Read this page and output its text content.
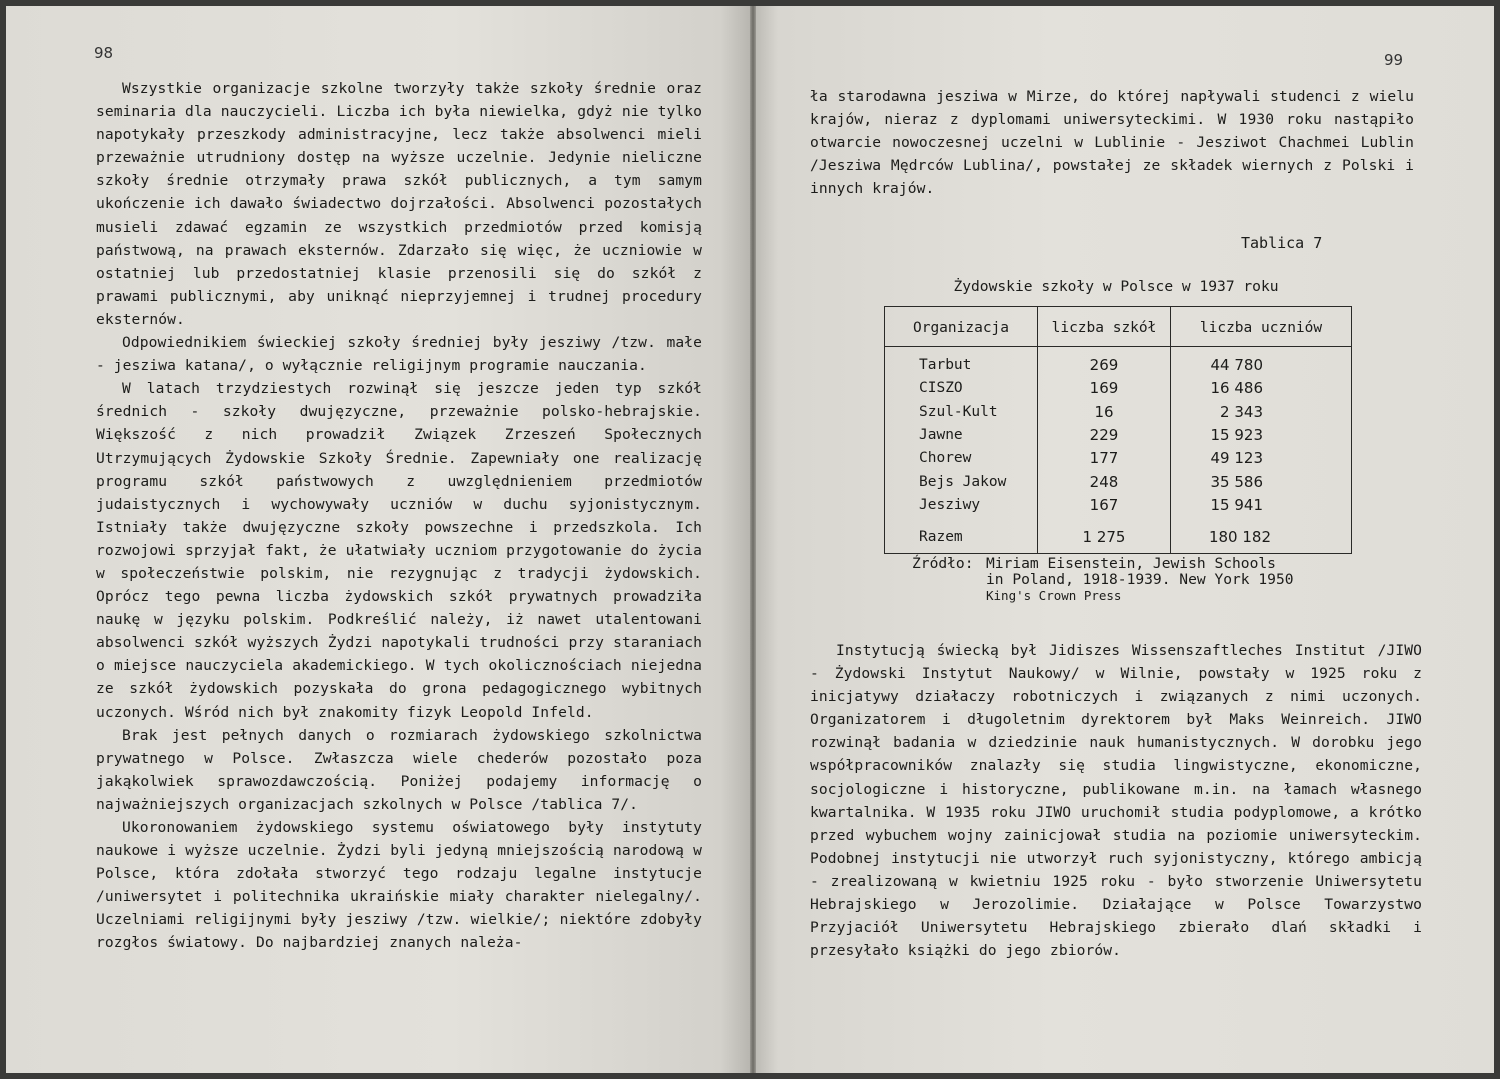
98

Wszystkie organizacje szkolne tworzyły także szkoły średnie oraz seminaria dla nauczycieli. Liczba ich była niewielka, gdyż nie tylko napotykały przeszkody administracyjne, lecz także absolwenci mieli przeważnie utrudniony dostęp na wyższe uczelnie. Jedynie nieliczne szkoły średnie otrzymały prawa szkół publicznych, a tym samym ukończenie ich dawało świadectwo dojrzałości. Absolwenci pozostałych musieli zdawać egzamin ze wszystkich przedmiotów przed komisją państwową, na prawach eksternów. Zdarzało się więc, że uczniowie w ostatniej lub przedostatniej klasie przenosili się do szkół z prawami publicznymi, aby uniknąć nieprzyjemnej i trudnej procedury eksternów.

Odpowiednikiem świeckiej szkoły średniej były jesziwy /tzw. małe - jesziwa katana/, o wyłącznie religijnym programie nauczania.

W latach trzydziestych rozwinął się jeszcze jeden typ szkół średnich - szkoły dwujęzyczne, przeważnie polsko-hebrajskie. Większość z nich prowadził Związek Zrzeszeń Społecznych Utrzymujących Żydowskie Szkoły Średnie. Zapewniały one realizację programu szkół państwowych z uwzględnieniem przedmiotów judaistycznych i wychowywały uczniów w duchu syjonistycznym. Istniały także dwujęzyczne szkoły powszechne i przedszkola. Ich rozwojowi sprzyjał fakt, że ułatwiały uczniom przygotowanie do życia w społeczeństwie polskim, nie rezygnując z tradycji żydowskich. Oprócz tego pewna liczba żydowskich szkół prywatnych prowadziła naukę w języku polskim. Podkreślić należy, iż nawet utalentowani absolwenci szkół wyższych Żydzi napotykali trudności przy staraniach o miejsce nauczyciela akademickiego. W tych okolicznościach niejedna ze szkół żydowskich pozyskała do grona pedagogicznego wybitnych uczonych. Wśród nich był znakomity fizyk Leopold Infeld.

Brak jest pełnych danych o rozmiarach żydowskiego szkolnictwa prywatnego w Polsce. Zwłaszcza wiele chederów pozostało poza jakąkolwiek sprawozdawczością. Poniżej podajemy informację o najważniejszych organizacjach szkolnych w Polsce /tablica 7/.

Ukoronowaniem żydowskiego systemu oświatowego były instytuty naukowe i wyższe uczelnie. Żydzi byli jedyną mniejszością narodową w Polsce, która zdołała stworzyć tego rodzaju legalne instytucje /uniwersytet i politechnika ukraińskie miały charakter nielegalny/. Uczelniami religijnymi były jesziwy /tzw. wielkie/; niektóre zdobyły rozgłos światowy. Do najbardziej znanych należa-

99

ła starodawna jesziwa w Mirze, do której napływali studenci z wielu krajów, nieraz z dyplomami uniwersyteckimi. W 1930 roku nastąpiło otwarcie nowoczesnej uczelni w Lublinie - Jesziwot Chachmei Lublin /Jesziwa Mędrców Lublina/, powstałej ze składek wiernych z Polski i innych krajów.

Tablica 7
Żydowskie szkoły w Polsce w 1937 roku
Organizacja	liczba szkół	liczba uczniów
Tarbut	269	44 780
CISZO	169	16 486
Szul-Kult	16	2 343
Jawne	229	15 923
Chorew	177	49 123
Bejs Jakow	248	35 586
Jesziwy	167	15 941
Razem	1 275	180 182
Źródło: Miriam Eisenstein, Jewish Schools
in Poland, 1918-1939. New York 1950
King's Crown Press

Instytucją świecką był Jidiszes Wissenszaftleches Institut /JIWO - Żydowski Instytut Naukowy/ w Wilnie, powstały w 1925 roku z inicjatywy działaczy robotniczych i związanych z nimi uczonych. Organizatorem i długoletnim dyrektorem był Maks Weinreich. JIWO rozwinął badania w dziedzinie nauk humanistycznych. W dorobku jego współpracowników znalazły się studia lingwistyczne, ekonomiczne, socjologiczne i historyczne, publikowane m.in. na łamach własnego kwartalnika. W 1935 roku JIWO uruchomił studia podyplomowe, a krótko przed wybuchem wojny zainicjował studia na poziomie uniwersyteckim. Podobnej instytucji nie utworzył ruch syjonistyczny, którego ambicją - zrealizowaną w kwietniu 1925 roku - było stworzenie Uniwersytetu Hebrajskiego w Jerozolimie. Działające w Polsce Towarzystwo Przyjaciół Uniwersytetu Hebrajskiego zbierało dlań składki i przesyłało książki do jego zbiorów.
